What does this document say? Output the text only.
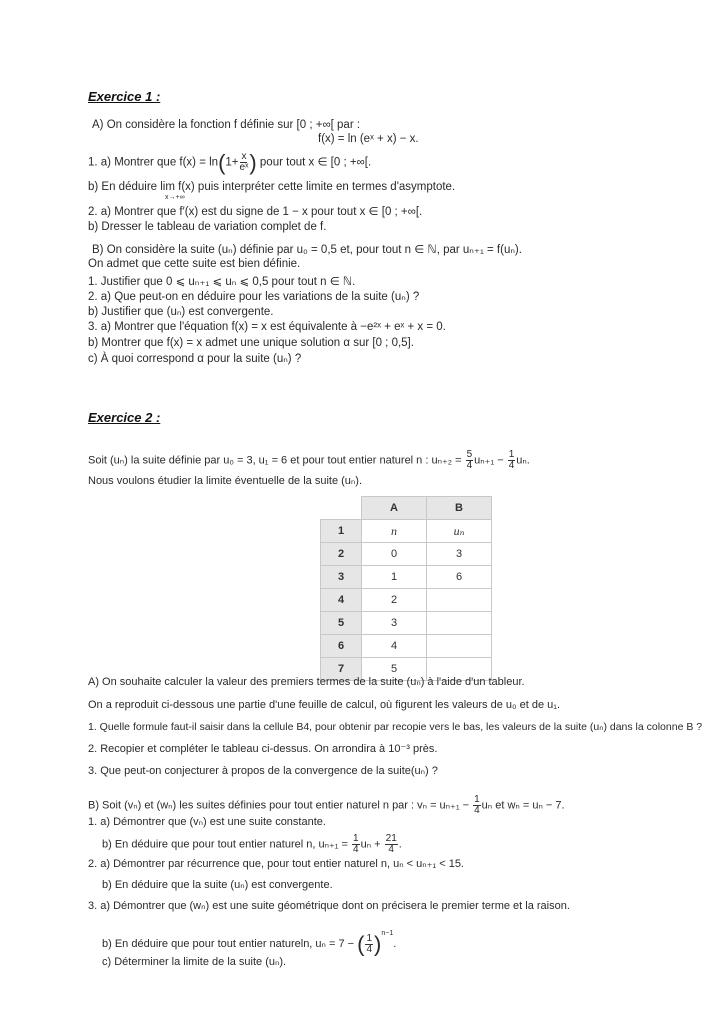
Exercice 1 :
A) On considère la fonction f définie sur [0 ; +∞[ par :
f(x) = ln (eˣ + x) − x.
1. a) Montrer que $f(x) = \ln(1+ \frac{x}{\text{eˣ}}$ ) pour tout x ∈ [0 ; +∞[.
b) En déduire lim f(x) puis interpréter cette limite en termes d'asymptote.
x→+∞
2. a) Montrer que f′(x) est du signe de 1 − x pour tout x ∈ [0 ; +∞[.
b) Dresser le tableau de variation complet de f.
B) On considère la suite (uₙ) définie par u₀ = 0,5 et, pour tout n ∈ ℕ, par uₙ₊₁ = f(uₙ).
On admet que cette suite est bien définie.
1. Justifier que 0 ⩽ uₙ₊₁ ⩽ uₙ ⩽ 0,5 pour tout n ∈ ℕ.
2. a) Que peut-on en déduire pour les variations de la suite (uₙ) ?
b) Justifier que (uₙ) est convergente.
3. a) Montrer que l'équation f(x) = x est équivalente à −e²ˣ + eˣ + x = 0.
b) Montrer que f(x) = x admet une unique solution α sur [0 ; 0,5].
c) À quoi correspond α pour la suite (uₙ) ?
Exercice 2 :
Soit (uₙ) la suite définie par u₀ = 3, u₁ = 6 et pour tout entier naturel n : $u_{n+2} = \frac{5}{4} u_{n+1} - \frac{1}{4} u_n$.
Nous voulons étudier la limite éventuelle de la suite (uₙ).
	A	B
1	n	uₙ
2	0	3
3	1	6
4	2	
5	3	
6	4	
7	5	
A) On souhaite calculer la valeur des premiers termes de la suite (uₙ) à l'aide d'un tableur.
On a reproduit ci-dessous une partie d'une feuille de calcul, où figurent les valeurs de u₀ et de u₁.
1. Quelle formule faut-il saisir dans la cellule B4, pour obtenir par recopie vers le bas, les valeurs de la suite (uₙ) dans la colonne B ?
2. Recopier et compléter le tableau ci-dessus. On arrondira à 10⁻³ près.
3. Que peut-on conjecturer à propos de la convergence de la suite(uₙ) ?
B) Soit (vₙ) et (wₙ) les suites définies pour tout entier naturel n par : $v_n = u_{n+1} - \frac{1}{4}$ uₙ et wₙ = uₙ − 7.
1. a) Démontrer que (vₙ) est une suite constante.
b) En déduire que pour tout entier naturel n, $u_{n+1} = \frac{1}{4}$ $u_n + \frac{21}{4}$ .
2. a) Démontrer par récurrence que, pour tout entier naturel n, uₙ < uₙ₊₁ < 15.
b) En déduire que la suite (uₙ) est convergente.
3. a) Démontrer que (wₙ) est une suite géométrique dont on précisera le premier terme et la raison.
b) En déduire que pour tout entier natureln, uₙ = 7 − ( $\frac{1}{4} )^{n-1}$.
c) Déterminer la limite de la suite (uₙ).
